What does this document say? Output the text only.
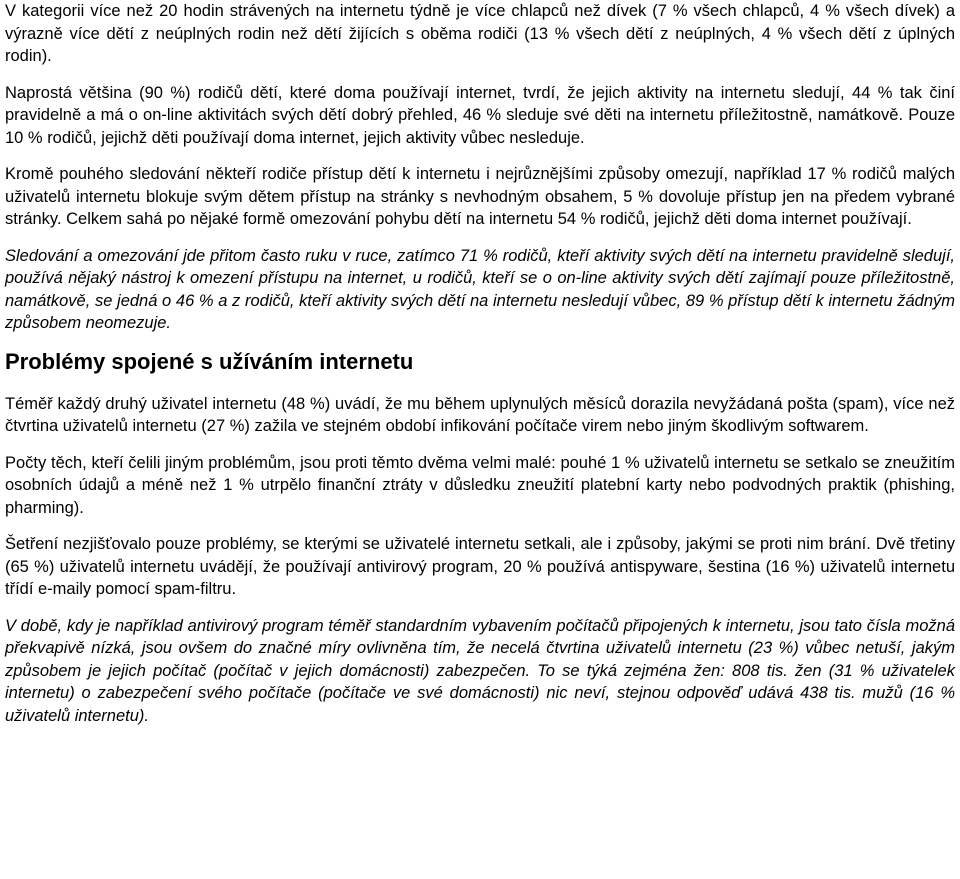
V kategorii více než 20 hodin strávených na internetu týdně je více chlapců než dívek (7 % všech chlapců, 4 % všech dívek) a výrazně více dětí z neúplných rodin než dětí žijících s oběma rodiči (13 % všech dětí z neúplných, 4 % všech dětí z úplných rodin).

Naprostá většina (90 %) rodičů dětí, které doma používají internet, tvrdí, že jejich aktivity na internetu sledují, 44 % tak činí pravidelně a má o on-line aktivitách svých dětí dobrý přehled, 46 % sleduje své děti na internetu příležitostně, namátkově. Pouze 10 % rodičů, jejichž děti používají doma internet, jejich aktivity vůbec nesleduje.

Kromě pouhého sledování někteří rodiče přístup dětí k internetu i nejrůznějšími způsoby omezují, například 17 % rodičů malých uživatelů internetu blokuje svým dětem přístup na stránky s nevhodným obsahem, 5 % dovoluje přístup jen na předem vybrané stránky. Celkem sahá po nějaké formě omezování pohybu dětí na internetu 54 % rodičů, jejichž děti doma internet používají.

Sledování a omezování jde přitom často ruku v ruce, zatímco 71 % rodičů, kteří aktivity svých dětí na internetu pravidelně sledují, používá nějaký nástroj k omezení přístupu na internet, u rodičů, kteří se o on-line aktivity svých dětí zajímají pouze příležitostně, namátkově, se jedná o 46 % a z rodičů, kteří aktivity svých dětí na internetu nesledují vůbec, 89 % přístup dětí k internetu žádným způsobem neomezuje.

Problémy spojené s užíváním internetu

Téměř každý druhý uživatel internetu (48 %) uvádí, že mu během uplynulých měsíců dorazila nevyžádaná pošta (spam), více než čtvrtina uživatelů internetu (27 %) zažila ve stejném období infikování počítače virem nebo jiným škodlivým softwarem.

Počty těch, kteří čelili jiným problémům, jsou proti těmto dvěma velmi malé: pouhé 1 % uživatelů internetu se setkalo se zneužitím osobních údajů a méně než 1 % utrpělo finanční ztráty v důsledku zneužití platební karty nebo podvodných praktik (phishing, pharming).

Šetření nezjišťovalo pouze problémy, se kterými se uživatelé internetu setkali, ale i způsoby, jakými se proti nim brání. Dvě třetiny (65 %) uživatelů internetu uvádějí, že používají antivirový program, 20 % používá antispyware, šestina (16 %) uživatelů internetu třídí e-maily pomocí spam-filtru.

V době, kdy je například antivirový program téměř standardním vybavením počítačů připojených k internetu, jsou tato čísla možná překvapivě nízká, jsou ovšem do značné míry ovlivněna tím, že necelá čtvrtina uživatelů internetu (23 %) vůbec netuší, jakým způsobem je jejich počítač (počítač v jejich domácnosti) zabezpečen. To se týká zejména žen: 808 tis. žen (31 % uživatelek internetu) o zabezpečení svého počítače (počítače ve své domácnosti) nic neví, stejnou odpověď udává 438 tis. mužů (16 % uživatelů internetu).
